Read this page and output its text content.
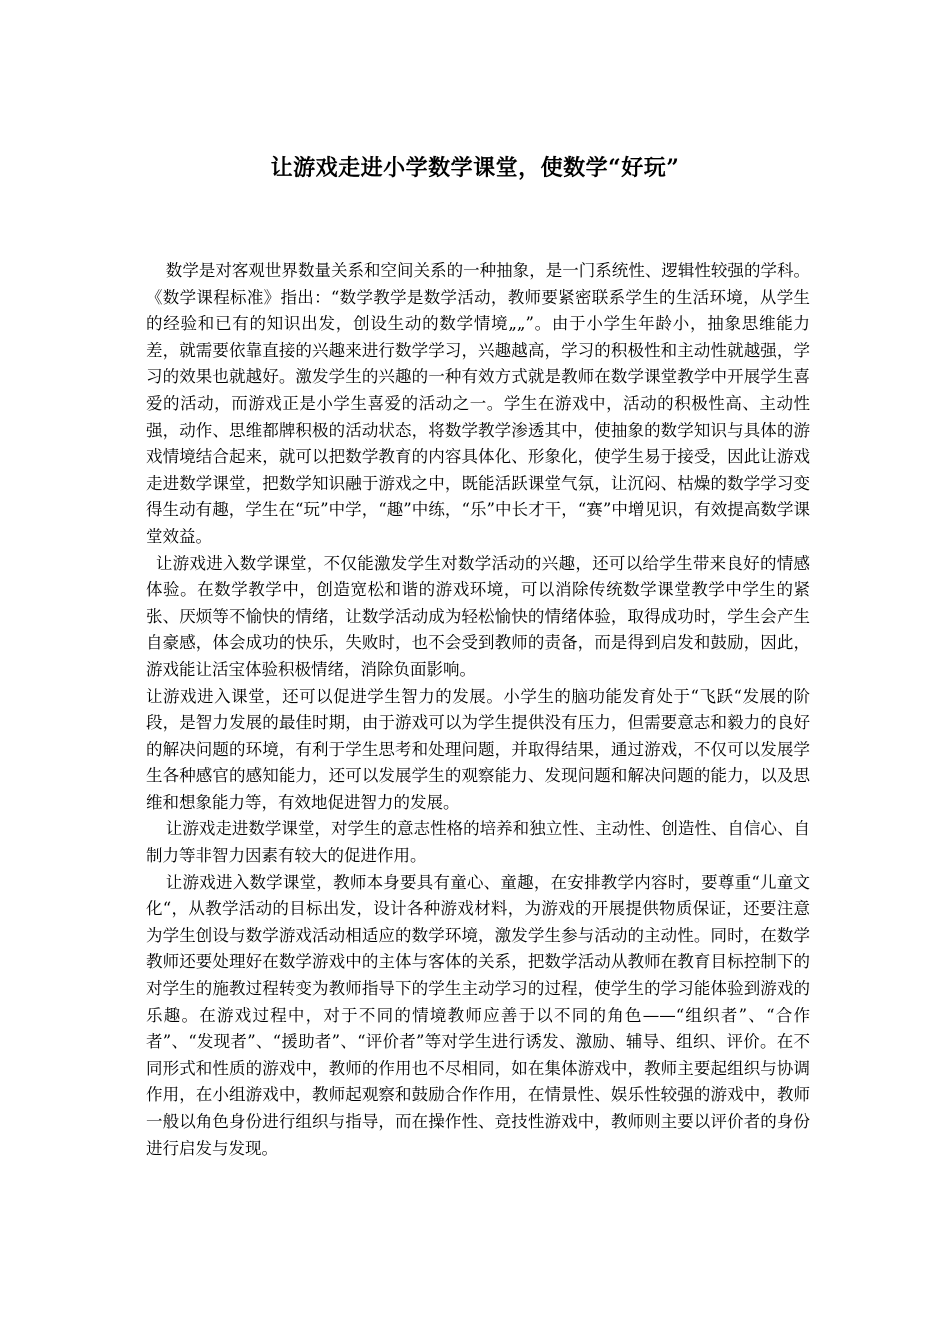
让游戏走进小学数学课堂，使数学“好玩”

数学是对客观世界数量关系和空间关系的一种抽象，是一门系统性、逻辑性较强的学科。《数学课程标准》指出：“数学教学是数学活动，教师要紧密联系学生的生活环境，从学生的经验和已有的知识出发，创设生动的数学情境„„”。由于小学生年龄小，抽象思维能力差，就需要依靠直接的兴趣来进行数学学习，兴趣越高，学习的积极性和主动性就越强，学习的效果也就越好。激发学生的兴趣的一种有效方式就是教师在数学课堂教学中开展学生喜爱的活动，而游戏正是小学生喜爱的活动之一。学生在游戏中，活动的积极性高、主动性强，动作、思维都牌积极的活动状态，将数学教学渗透其中，使抽象的数学知识与具体的游戏情境结合起来，就可以把数学教育的内容具体化、形象化，使学生易于接受，因此让游戏走进数学课堂，把数学知识融于游戏之中，既能活跃课堂气氛，让沉闷、枯燥的数学学习变得生动有趣，学生在“玩”中学，“趣”中练，“乐”中长才干，“赛”中增见识，有效提高数学课堂效益。

让游戏进入数学课堂，不仅能激发学生对数学活动的兴趣，还可以给学生带来良好的情感体验。在数学教学中，创造宽松和谐的游戏环境，可以消除传统数学课堂教学中学生的紧张、厌烦等不愉快的情绪，让数学活动成为轻松愉快的情绪体验，取得成功时，学生会产生自豪感，体会成功的快乐，失败时，也不会受到教师的责备，而是得到启发和鼓励，因此，游戏能让活宝体验积极情绪，消除负面影响。

让游戏进入课堂，还可以促进学生智力的发展。小学生的脑功能发育处于“飞跃“发展的阶段，是智力发展的最佳时期，由于游戏可以为学生提供没有压力，但需要意志和毅力的良好的解决问题的环境，有利于学生思考和处理问题，并取得结果，通过游戏，不仅可以发展学生各种感官的感知能力，还可以发展学生的观察能力、发现问题和解决问题的能力，以及思维和想象能力等，有效地促进智力的发展。

让游戏走进数学课堂，对学生的意志性格的培养和独立性、主动性、创造性、自信心、自制力等非智力因素有较大的促进作用。

让游戏进入数学课堂，教师本身要具有童心、童趣，在安排教学内容时，要尊重“儿童文化“，从教学活动的目标出发，设计各种游戏材料，为游戏的开展提供物质保证，还要注意为学生创设与数学游戏活动相适应的数学环境，激发学生参与活动的主动性。同时，在数学　教师还要处理好在数学游戏中的主体与客体的关系，把数学活动从教师在教育目标控制下的对学生的施教过程转变为教师指导下的学生主动学习的过程，使学生的学习能体验到游戏的乐趣。在游戏过程中，对于不同的情境教师应善于以不同的角色——“组织者”、“合作者”、“发现者”、“援助者”、“评价者”等对学生进行诱发、激励、辅导、组织、评价。在不同形式和性质的游戏中，教师的作用也不尽相同，如在集体游戏中，教师主要起组织与协调作用，在小组游戏中，教师起观察和鼓励合作作用，在情景性、娱乐性较强的游戏中，教师一般以角色身份进行组织与指导，而在操作性、竞技性游戏中，教师则主要以评价者的身份进行启发与发现。
